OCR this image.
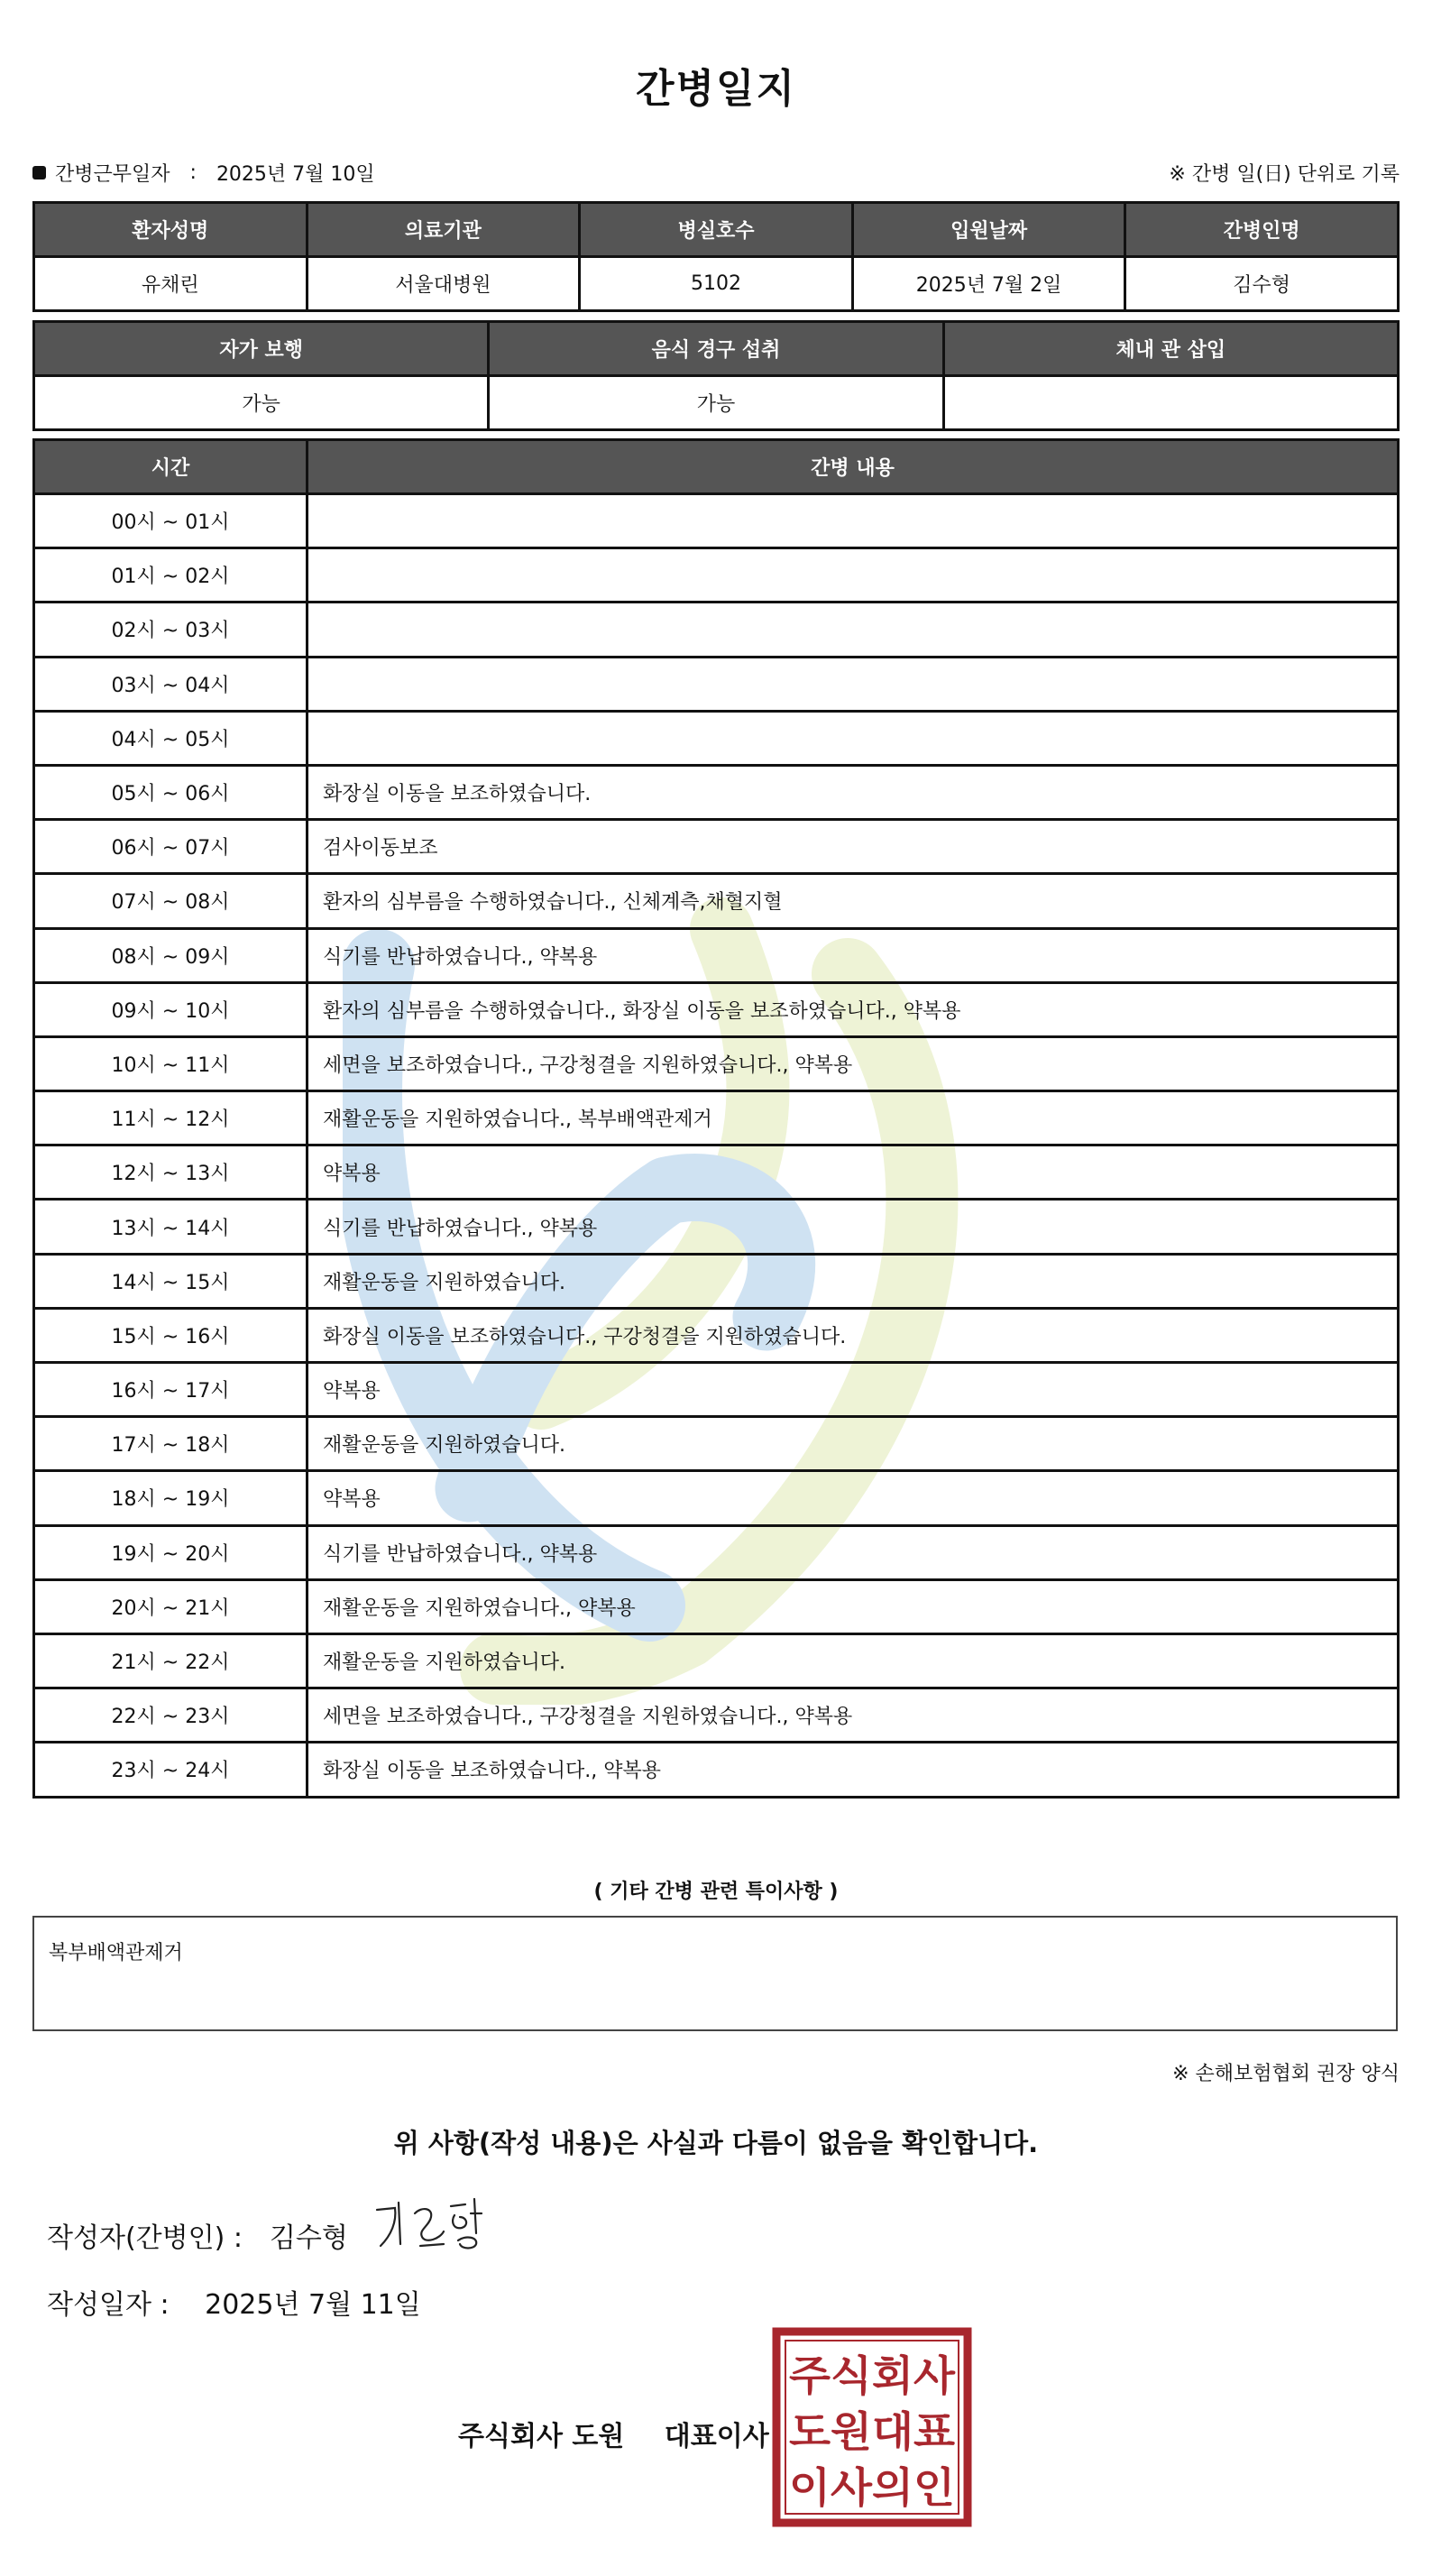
간병일지
간병근무일자 : 2025년 7월 10일	※ 간병 일(日) 단위로 기록
환자성명	의료기관	병실호수	입원날짜	간병인명
유채린	서울대병원	5102	2025년 7월 2일	김수형
자가 보행	음식 경구 섭취	체내 관 삽입
가능	가능	
시간	간병 내용
00시 ~ 01시	
01시 ~ 02시	
02시 ~ 03시	
03시 ~ 04시	
04시 ~ 05시	
05시 ~ 06시	화장실 이동을 보조하였습니다.
06시 ~ 07시	검사이동보조
07시 ~ 08시	환자의 심부름을 수행하였습니다., 신체계측,채혈지혈
08시 ~ 09시	식기를 반납하였습니다., 약복용
09시 ~ 10시	환자의 심부름을 수행하였습니다., 화장실 이동을 보조하였습니다., 약복용
10시 ~ 11시	세면을 보조하였습니다., 구강청결을 지원하였습니다., 약복용
11시 ~ 12시	재활운동을 지원하였습니다., 복부배액관제거
12시 ~ 13시	약복용
13시 ~ 14시	식기를 반납하였습니다., 약복용
14시 ~ 15시	재활운동을 지원하였습니다.
15시 ~ 16시	화장실 이동을 보조하였습니다., 구강청결을 지원하였습니다.
16시 ~ 17시	약복용
17시 ~ 18시	재활운동을 지원하였습니다.
18시 ~ 19시	약복용
19시 ~ 20시	식기를 반납하였습니다., 약복용
20시 ~ 21시	재활운동을 지원하였습니다., 약복용
21시 ~ 22시	재활운동을 지원하였습니다.
22시 ~ 23시	세면을 보조하였습니다., 구강청결을 지원하였습니다., 약복용
23시 ~ 24시	화장실 이동을 보조하였습니다., 약복용
( 기타 간병 관련 특이사항 )
복부배액관제거
※ 손해보험협회 권장 양식
위 사항(작성 내용)은 사실과 다름이 없음을 확인합니다.
작성자(간병인) : 김수형
작성일자 : 2025년 7월 11일
주식회사 도원 대표이사
주식회사
도원대표
이사의인
